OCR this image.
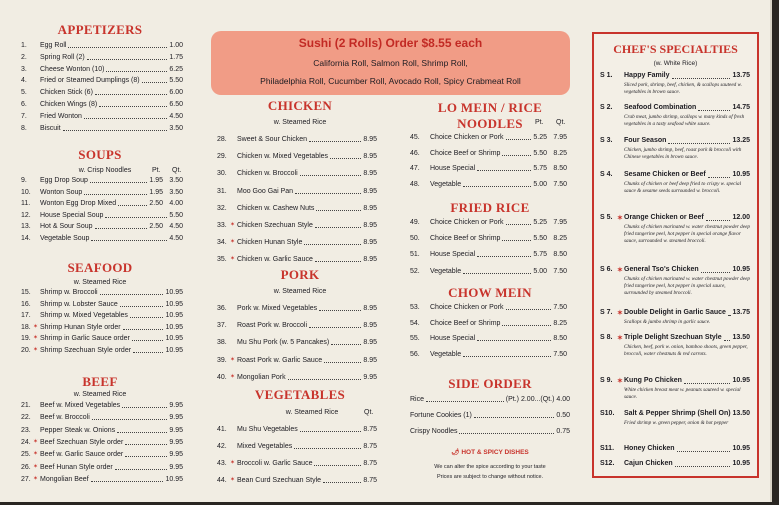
APPETIZERS
1. Egg Roll	1.00
2. Spring Roll (2)	1.75
3. Cheese Wonton (10)	6.25
4. Fried or Steamed Dumplings (8)	5.50
5. Chicken Stick (6)	6.00
6. Chicken Wings (8)	6.50
7. Fried Wonton	4.50
8. Biscuit	3.50
SOUPS
w. Crisp Noodles	Pt. Qt.
9. Egg Drop Soup	1.95 3.50
10. Wonton Soup	1.95 3.50
11. Wonton Egg Drop Mixed	2.50 4.00
12. House Special Soup	5.50
13. Hot & Sour Soup	2.50 4.50
14. Vegetable Soup	4.50
SEAFOOD
w. Steamed Rice
15. Shrimp w. Broccoli	10.95
16. Shrimp w. Lobster Sauce	10.95
17. Shrimp w. Mixed Vegetables	10.95
18. Shrimp Hunan Style order
✶	10.95
19. Shrimp in Garlic Sauce order
✶	10.95
20. Shrimp Szechuan Style order
✶	10.95
BEEF
w. Steamed Rice
21. Beef w. Mixed Vegetables	9.95
22. Beef w. Broccoli	9.95
23. Pepper Steak w. Onions	9.95
24. Beef Szechuan Style order
✶	9.95
25. Beef w. Garlic Sauce order
✶	9.95
26. Beef Hunan Style order
✶	9.95
27. Mongolian Beef
✶	10.95
Sushi (2 Rolls) Order $8.55 each
California Roll, Salmon Roll, Shrimp Roll,
Philadelphia Roll, Cucumber Roll, Avocado Roll, Spicy Crabmeat Roll
CHICKEN
w. Steamed Rice
28. Sweet & Sour Chicken	8.95
29. Chicken w. Mixed Vegetables	8.95
30. Chicken w. Broccoli	8.95
31. Moo Goo Gai Pan	8.95
32. Chicken w. Cashew Nuts	8.95
33. Chicken Szechuan Style
✶	8.95
34. Chicken Hunan Style
✶	8.95
35. Chicken w. Garlic Sauce
✶	8.95
PORK
w. Steamed Rice
36. Pork w. Mixed Vegetables	8.95
37. Roast Pork w. Broccoli	8.95
38. Mu Shu Pork (w. 5 Pancakes)	8.95
39. Roast Pork w. Garlic Sauce
✶	8.95
40. Mongolian Pork
✶	9.95
VEGETABLES
w. Steamed Rice	Qt.
41. Mu Shu Vegetables	8.75
42. Mixed Vegetables	8.75
43. Broccoli w. Garlic Sauce
✶	8.75
44. Bean Curd Szechuan Style
✶	8.75
LO MEIN / RICE NOODLES	Pt. Qt.
45. Choice Chicken or Pork	5.25 7.95
46. Choice Beef or Shrimp	5.50 8.25
47. House Special	5.75 8.50
48. Vegetable	5.00 7.50
FRIED RICE
49. Choice Chicken or Pork	5.25 7.95
50. Choice Beef or Shrimp	5.50 8.25
51. House Special	5.75 8.50
52. Vegetable	5.00 7.50
CHOW MEIN
53. Choice Chicken or Pork	7.50
54. Choice Beef or Shrimp	8.25
55. House Special	8.50
56. Vegetable	7.50
SIDE ORDER
Rice	(Pt.) 2.00...(Qt.) 4.00
Fortune Cookies (1)	0.50
Crispy Noodles	0.75
🌶︎ HOT & SPICY DISHES
We can alter the spice according to your taste
Prices are subject to change without notice.
CHEF'S SPECIALTIES
(w. White Rice)
S 1. Happy Family	13.75
Sliced pork, shrimp, beef, chicken, & scallops sauteed w. vegetables in brown sauce.
S 2. Seafood Combination	14.75
Crab meat, jumbo shrimp, scallops w. many kinds of fresh vegetables in a tasty seafood white sauce.
S 3. Four Season	13.25
Chicken, jumbo shrimp, beef, roast pork & broccoli with Chinese vegetables in brown sauce.
S 4. Sesame Chicken or Beef	10.95
Chunks of chicken or beef deep fried to crispy w. special sauce & sesame seeds surrounded w. broccoli.
S 5. Orange Chicken or Beef	12.00
✶
Chunks of chicken marinated w. water chestnut powder deep fried tangerine peel, hot pepper in special orange flavor sauce, surrounded w. steamed broccoli.
S 6. General Tso's Chicken	10.95
✶
Chunks of chicken marinated w. water chestnut powder deep fried tangerine peel, hot pepper in special sauce, surrounded by steamed broccoli.
S 7. Double Delight in Garlic Sauce 13.75
✶
Scallops & jumbo shrimp in garlic sauce.
S 8. Triple Delight Szechuan Style 13.50
✶
Chicken, beef, pork w. onion, bamboo shoots, green pepper, broccoli, water chestnuts & red carrots.
S 9. Kung Po Chicken	10.95
✶
White chicken breast meat w. peanuts sauteed w. special sauce.
S10. Salt & Pepper Shrimp (Shell On) 13.50
Fried shrimp w. green pepper, onion & hot pepper
S11. Honey Chicken	10.95
S12. Cajun Chicken	10.95
